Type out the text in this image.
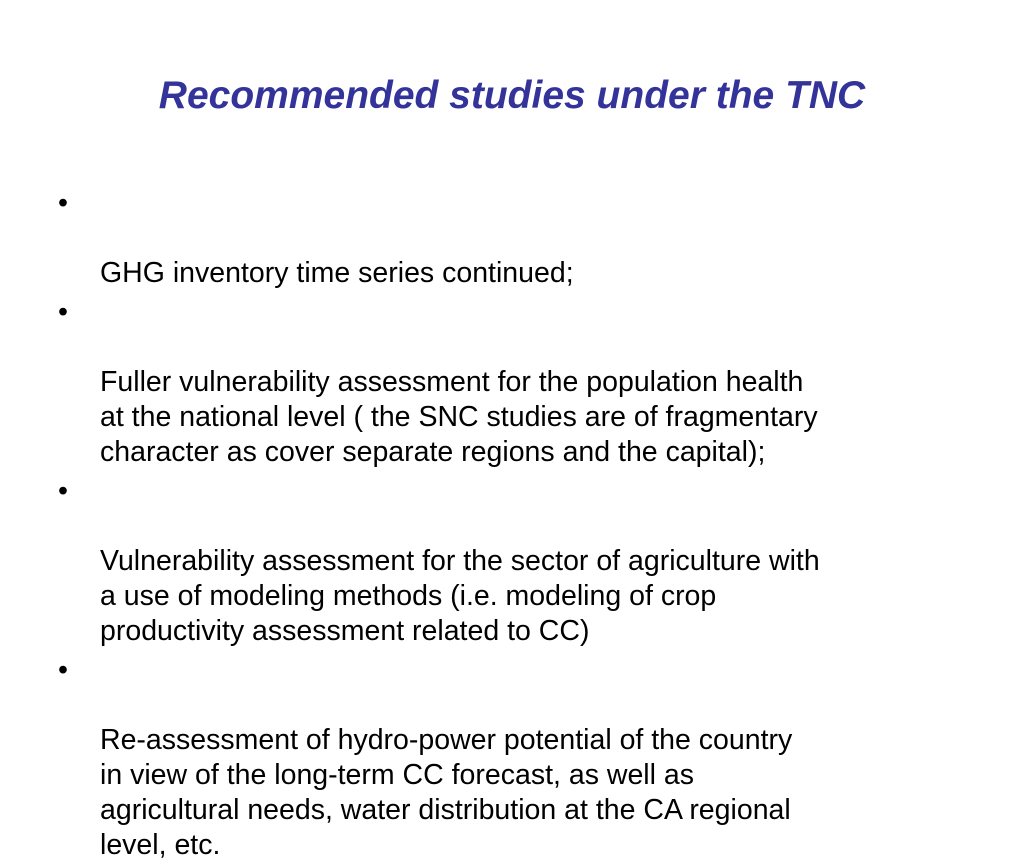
Recommended studies under the TNC

•

GHG inventory time series continued;

•

Fuller vulnerability assessment for the population health
at the national level ( the SNC studies are of fragmentary
character as cover separate regions and the capital);

•

Vulnerability assessment for the sector of agriculture with
a use of modeling methods (i.e. modeling of crop
productivity assessment related to CC)

•

Re-assessment of hydro-power potential of the country
in view of the long-term CC forecast, as well as
agricultural needs, water distribution at the CA regional
level, etc.
